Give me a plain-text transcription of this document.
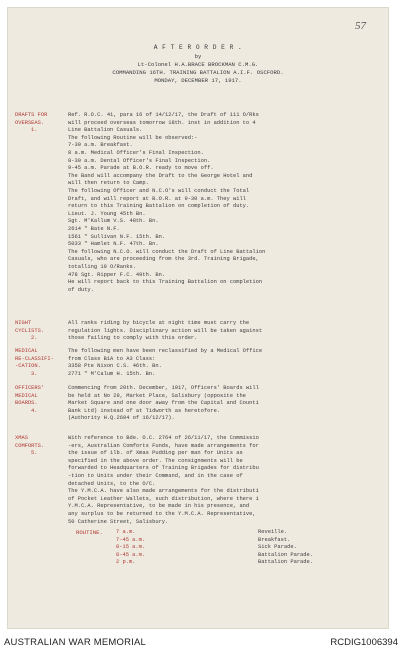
57
A F T E R O R D E R .
by
Lt-Colonel H.A.BRACE BROCKMAN C.M.G.
COMMANDING 16TH. TRAINING BATTALION A.I.F. OSCFORD.
MONDAY, DECEMBER 17, 1917.
DRAFTS FOR
OVERSEAS.
1.
Ref. R.O.C. 41, para 16 of 14/12/17, the Draft of 111 O/Rks
will proceed overseas tomorrow 18th. inst in addition to 4
Line Battalion Casuals.
The following Routine will be observed:-
7-30 a.m. Breakfast.
8 a.m. Medical Officer's Final Inspection.
8-30 a.m. Dental Officer's Final Inspection.
9-45 a.m. Parade at B.O.R. ready to move off.
The Band will accompany the Draft to the George Hotel and
will then return to Camp.
The following Officer and N.C.O's will conduct the Total
Draft, and will report at B.O.R. at 9-30 a.m. They will
return to this Training Battalion on completion of duty.
Lieut. J. Young 45th Bn.
Sgt. M'Kallum V.S. 48th. Bn.
2614 " Bate N.F.
1561 " Sullivan N.F. 15th. Bn.
5033 " Hamlet N.F. 47th. Bn.
The following N.C.O. will conduct the Draft of Line Battalion
Casuals, who are proceeding from the 3rd. Training Brigade,
totalling 19 O/Ranks.
478 Sgt. Ripper F.C. 49th. Bn.
He will report back to this Training Battalion on completion
of duty.
NIGHT
CYCLISTS.
2.
All ranks riding by bicycle at night time must carry the
regulation lights. Disciplinary action will be taken against
those failing to comply with this order.
MEDICAL
RE-CLASSIFI-
-CATION.
3.
The following men have been reclassified by a Medical Office
from Class B1A to A3 Class:
3358 Pte Nixon C.S. 46th. Bn.
2771 " M'Calum H. 15th. Bn.
OFFICERS'
MEDICAL
BOARDS.
4.
Commencing from 20th. December, 1917, Officers' Boards will
be held at No 29, Market Place, Salisbury (opposite the
Market Square and one door away from the Capital and Counti
Bank Ltd) instead of at Tidworth as heretofore.
(Authority H.Q.2604 of 16/12/17).
XMAS
COMFORTS.
5.
With reference to Bde. O.C. 2764 of 26/11/17, the Commissio
-ers, Australian Comforts Funds, have made arrangements for
the issue of 1lb. of Xmas Pudding per man for Units as
specified in the above order. The consignments will be
forwarded to Headquarters of Training Brigades for distribu
-tion to Units under their Command, and in the case of
detached Units, to the O/C.
The Y.M.C.A. have also made arrangements for the distributi
of Pocket Leather Wallets, such distribution, where there i
Y.M.C.A. Representative, to be made in his presence, and
any surplus to be returned to the Y.M.C.A. Representative,
50 Catherine Street, Salisbury.
ROUTINE. 7 a.m.	Reveille.
7-45 a.m.	Breakfast.
8-15 a.m.	Sick Parade.
8-45 a.m.	Battalion Parade.
2 p.m.	Battalion Parade.
AUSTRALIAN WAR MEMORIAL	RCDIG1006394
